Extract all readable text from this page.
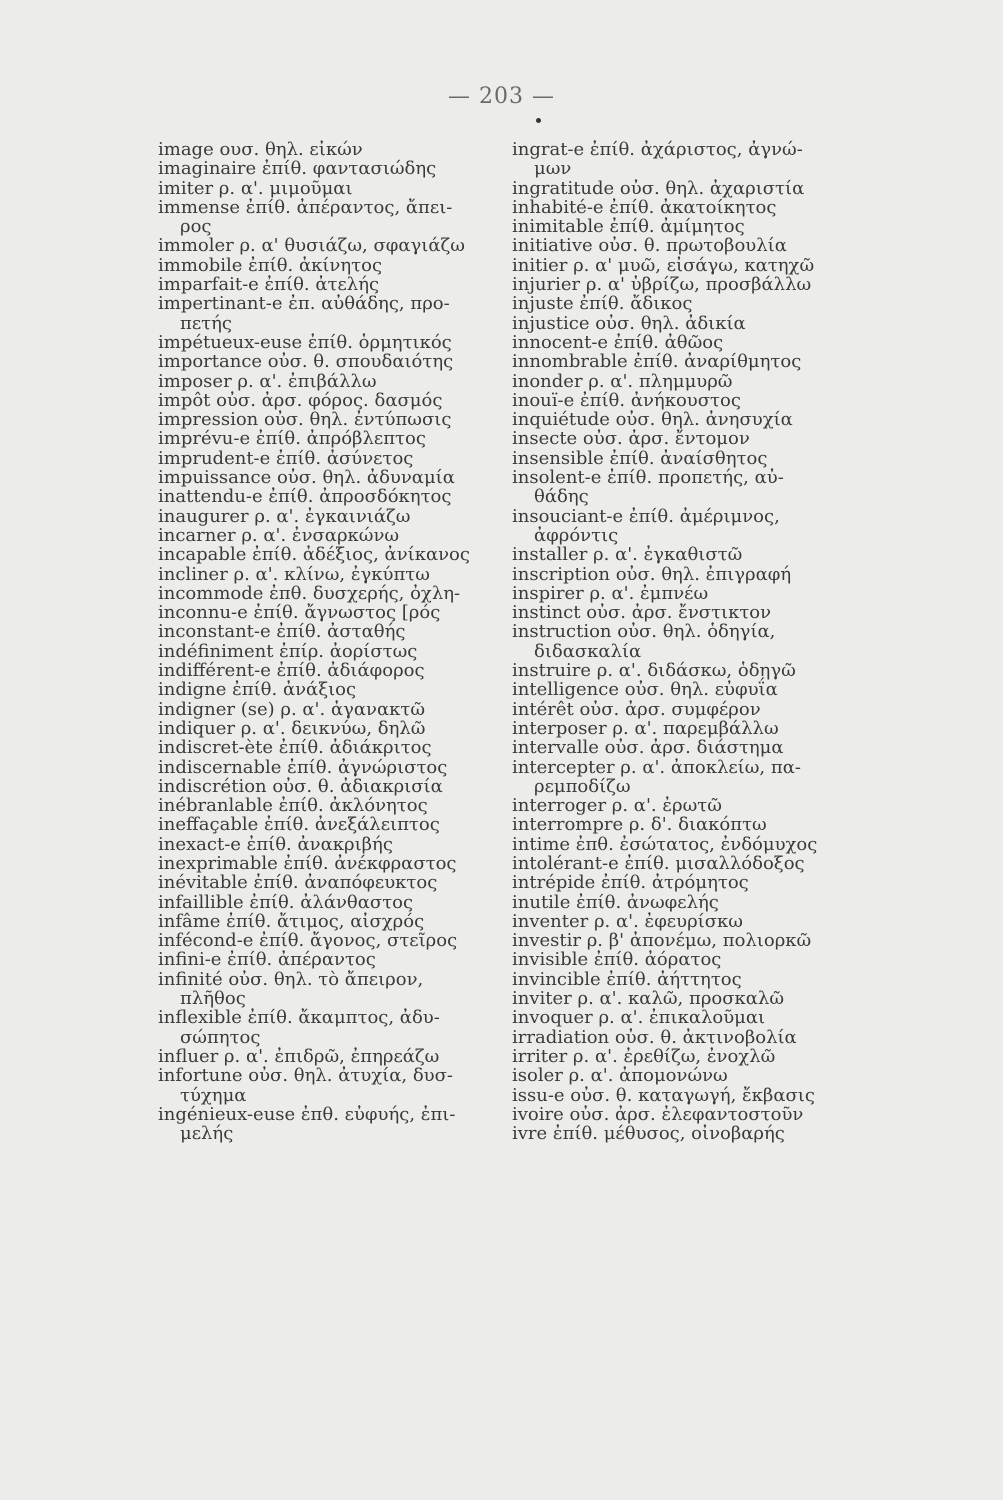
— 203 —
image ουσ. θηλ. εἰκών
imaginaire ἐπίθ. φαντασιώδης
imiter ρ. α'. μιμοῦμαι
immense ἐπίθ. ἀπέραντος, ἄπει-
ρος
immoler ρ. α' θυσιάζω, σφαγιάζω
immobile ἐπίθ. ἀκίνητος
imparfait-e ἐπίθ. ἀτελής
impertinant-e ἐπ. αὐθάδης, προ-
πετής
impétueux-euse ἐπίθ. ὁρμητικός
importance οὐσ. θ. σπουδαιότης
imposer ρ. α'. ἐπιβάλλω
impôt οὐσ. ἀρσ. φόρος. δασμός
impression οὐσ. θηλ. ἐντύπωσις
imprévu-e ἐπίθ. ἀπρόβλεπτος
imprudent-e ἐπίθ. ἀσύνετος
impuissance οὐσ. θηλ. ἀδυναμία
inattendu-e ἐπίθ. ἀπροσδόκητος
inaugurer ρ. α'. ἐγκαινιάζω
incarner ρ. α'. ἐνσαρκώνω
incapable ἐπίθ. ἀδέξιος, ἀνίκανος
incliner ρ. α'. κλίνω, ἐγκύπτω
incommode ἐπθ. δυσχερής, ὀχλη-
inconnu-e ἐπίθ. ἄγνωστος [ρός
inconstant-e ἐπίθ. ἀσταθής
indéfiniment ἐπίρ. ἀορίστως
indifférent-e ἐπίθ. ἀδιάφορος
indigne ἐπίθ. ἀνάξιος
indigner (se) ρ. α'. ἀγανακτῶ
indiquer ρ. α'. δεικνύω, δηλῶ
indiscret-ète ἐπίθ. ἀδιάκριτος
indiscernable ἐπίθ. ἀγνώριστος
indiscrétion οὐσ. θ. ἀδιακρισία
inébranlable ἐπίθ. ἀκλόνητος
ineffaçable ἐπίθ. ἀνεξάλειπτος
inexact-e ἐπίθ. ἀνακριβής
inexprimable ἐπίθ. ἀνέκφραστος
inévitable ἐπίθ. ἀναπόφευκτος
infaillible ἐπίθ. ἀλάνθαστος
infâme ἐπίθ. ἄτιμος, αἰσχρός
infécond-e ἐπίθ. ἄγονος, στεῖρος
infini-e ἐπίθ. ἀπέραντος
infinité οὐσ. θηλ. τὸ ἄπειρον,
πλῆθος
inflexible ἐπίθ. ἄκαμπτος, ἀδυ-
σώπητος
influer ρ. α'. ἐπιδρῶ, ἐπηρεάζω
infortune οὐσ. θηλ. ἀτυχία, δυσ-
τύχημα
ingénieux-euse ἐπθ. εὐφυής, ἐπι-
μελής
ingrat-e ἐπίθ. ἀχάριστος, ἀγνώ-
μων
ingratitude οὐσ. θηλ. ἀχαριστία
inhabité-e ἐπίθ. ἀκατοίκητος
inimitable ἐπίθ. ἀμίμητος
initiative οὐσ. θ. πρωτοβουλία
initier ρ. α' μυῶ, εἰσάγω, κατηχῶ
injurier ρ. α' ὑβρίζω, προσβάλλω
injuste ἐπίθ. ἄδικος
injustice οὐσ. θηλ. ἀδικία
innocent-e ἐπίθ. ἀθῶος
innombrable ἐπίθ. ἀναρίθμητος
inonder ρ. α'. πλημμυρῶ
inouï-e ἐπίθ. ἀνήκουστος
inquiétude οὐσ. θηλ. ἀνησυχία
insecte οὐσ. ἀρσ. ἔντομον
insensible ἐπίθ. ἀναίσθητος
insolent-e ἐπίθ. προπετής, αὐ-
θάδης
insouciant-e ἐπίθ. ἀμέριμνος,
ἀφρόντις
installer ρ. α'. ἐγκαθιστῶ
inscription οὐσ. θηλ. ἐπιγραφή
inspirer ρ. α'. ἐμπνέω
instinct οὐσ. ἀρσ. ἔνστικτον
instruction οὐσ. θηλ. ὁδηγία,
διδασκαλία
instruire ρ. α'. διδάσκω, ὁδηγῶ
intelligence οὐσ. θηλ. εὐφυΐα
intérêt οὐσ. ἀρσ. συμφέρον
interposer ρ. α'. παρεμβάλλω
intervalle οὐσ. ἀρσ. διάστημα
intercepter ρ. α'. ἀποκλείω, πα-
ρεμποδίζω
interroger ρ. α'. ἐρωτῶ
interrompre ρ. δ'. διακόπτω
intime ἐπθ. ἐσώτατος, ἐνδόμυχος
intolérant-e ἐπίθ. μισαλλόδοξος
intrépide ἐπίθ. ἀτρόμητος
inutile ἐπίθ. ἀνωφελής
inventer ρ. α'. ἐφευρίσκω
investir ρ. β' ἀπονέμω, πολιορκῶ
invisible ἐπίθ. ἀόρατος
invincible ἐπίθ. ἀήττητος
inviter ρ. α'. καλῶ, προσκαλῶ
invoquer ρ. α'. ἐπικαλοῦμαι
irradiation οὐσ. θ. ἀκτινοβολία
irriter ρ. α'. ἐρεθίζω, ἐνοχλῶ
isoler ρ. α'. ἀπομονώνω
issu-e οὐσ. θ. καταγωγή, ἔκβασις
ivoire οὐσ. ἀρσ. ἐλεφαντοστοῦν
ivre ἐπίθ. μέθυσος, οἰνοβαρής
